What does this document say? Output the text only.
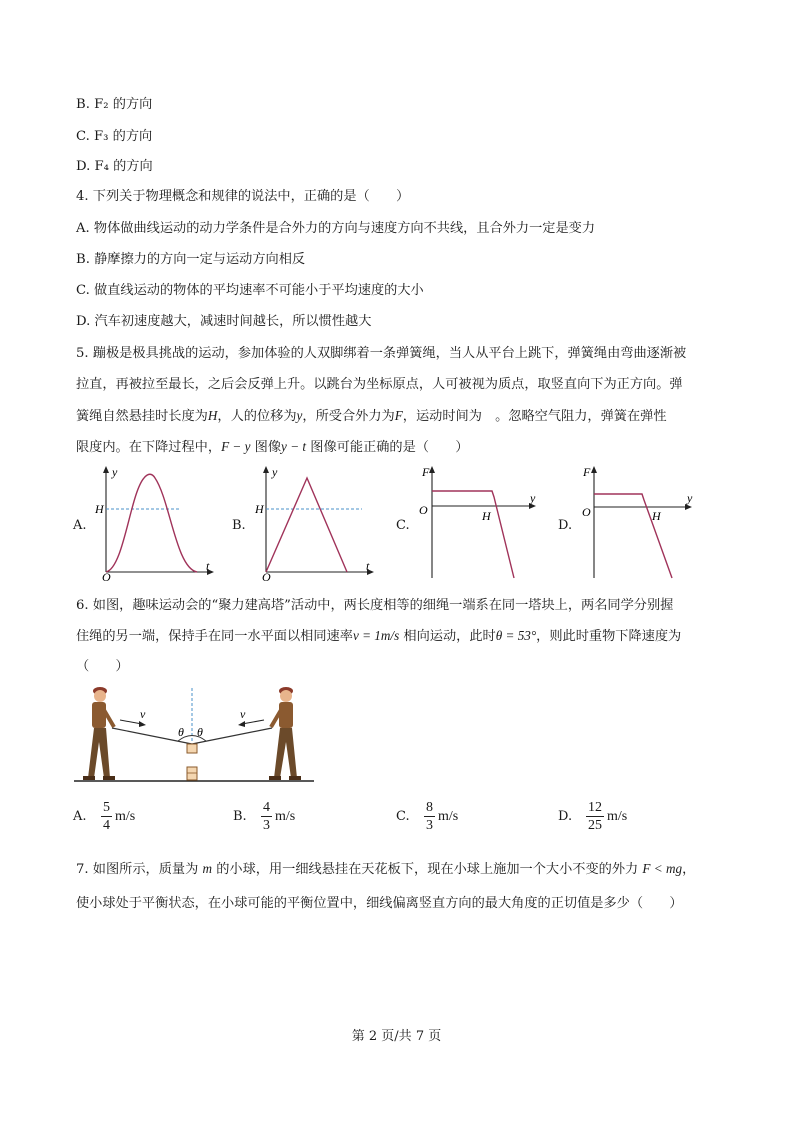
B. F₂ 的方向
C. F₃ 的方向
D. F₄ 的方向
4. 下列关于物理概念和规律的说法中，正确的是（　　）
A. 物体做曲线运动的动力学条件是合外力的方向与速度方向不共线，且合外力一定是变力
B. 静摩擦力的方向一定与运动方向相反
C. 做直线运动的物体的平均速率不可能小于平均速度的大小
D. 汽车初速度越大，减速时间越长，所以惯性越大
5. 蹦极是极具挑战的运动，参加体验的人双脚绑着一条弹簧绳，当人从平台上跳下，弹簧绳由弯曲逐渐被
拉直，再被拉至最长，之后会反弹上升。以跳台为坐标原点，人可被视为质点，取竖直向下为正方向。弹
簧绳自然悬挂时长度为H，人的位移为y，所受合外力为F，运动时间为　。忽略空气阻力，弹簧在弹性
限度内。在下降过程中，F − y 图像y − t 图像可能正确的是（　　）
A.
y
H
O
t
B.
y
H
O
t
C.
F
O	H
y
D.
F
O	H
y
6. 如图，趣味运动会的“聚力建高塔”活动中，两长度相等的细绳一端系在同一塔块上，两名同学分别握
住绳的另一端，保持手在同一水平面以相同速率v = 1m/s 相向运动，此时θ = 53°，则此时重物下降速度为
（　　）
v	v
θ θ
A. $\frac{5}{4} m/s$	B. $\frac{4}{3} m/s$	C. $\frac{8}{3} m/s$	D. $\frac{12}{25} m/s$
7. 如图所示，质量为 m 的小球，用一细线悬挂在天花板下，现在小球上施加一个大小不变的外力 F < mg，
使小球处于平衡状态，在小球可能的平衡位置中，细线偏离竖直方向的最大角度的正切值是多少（　　）
第 2 页/共 7 页
